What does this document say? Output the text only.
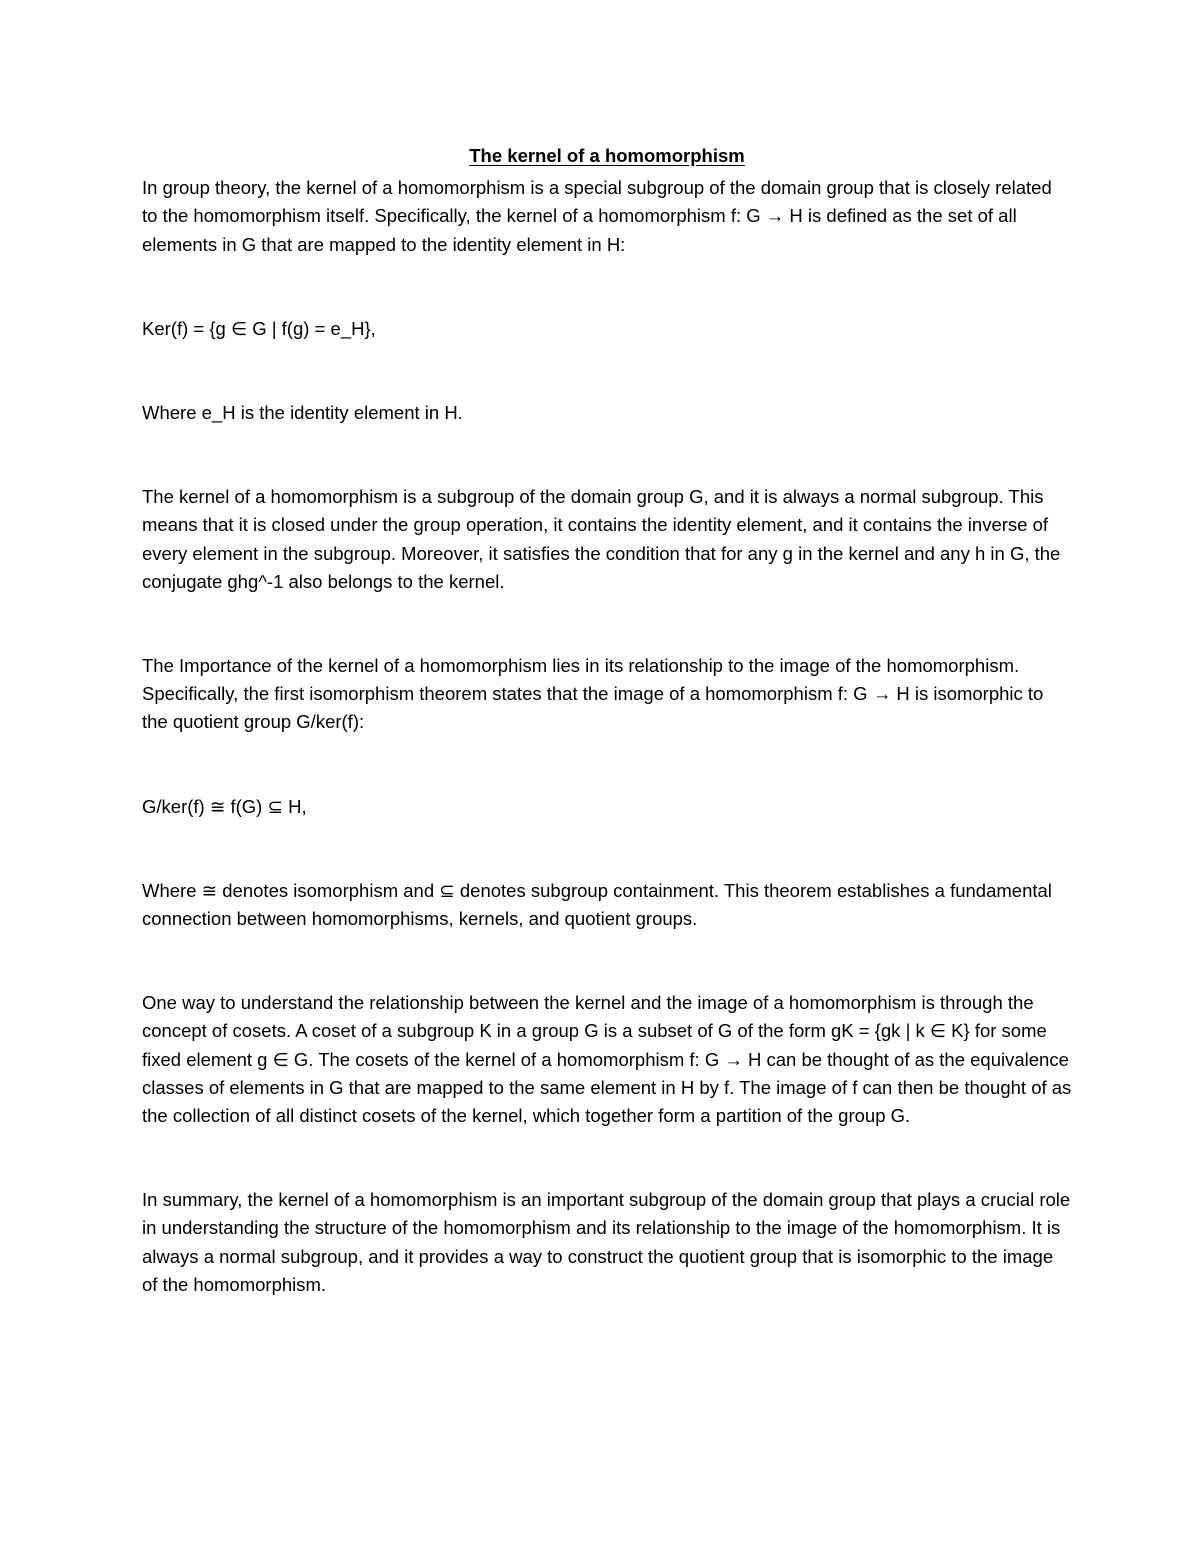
The kernel of a homomorphism

In group theory, the kernel of a homomorphism is a special subgroup of the domain group that is closely related to the homomorphism itself. Specifically, the kernel of a homomorphism f: G → H is defined as the set of all elements in G that are mapped to the identity element in H:

Ker(f) = {g ∈ G | f(g) = e_H},

Where e_H is the identity element in H.

The kernel of a homomorphism is a subgroup of the domain group G, and it is always a normal subgroup. This means that it is closed under the group operation, it contains the identity element, and it contains the inverse of every element in the subgroup. Moreover, it satisfies the condition that for any g in the kernel and any h in G, the conjugate ghg^-1 also belongs to the kernel.

The Importance of the kernel of a homomorphism lies in its relationship to the image of the homomorphism. Specifically, the first isomorphism theorem states that the image of a homomorphism f: G → H is isomorphic to the quotient group G/ker(f):

G/ker(f) ≅ f(G) ⊆ H,

Where ≅ denotes isomorphism and ⊆ denotes subgroup containment. This theorem establishes a fundamental connection between homomorphisms, kernels, and quotient groups.

One way to understand the relationship between the kernel and the image of a homomorphism is through the concept of cosets. A coset of a subgroup K in a group G is a subset of G of the form gK = {gk | k ∈ K} for some fixed element g ∈ G. The cosets of the kernel of a homomorphism f: G → H can be thought of as the equivalence classes of elements in G that are mapped to the same element in H by f. The image of f can then be thought of as the collection of all distinct cosets of the kernel, which together form a partition of the group G.

In summary, the kernel of a homomorphism is an important subgroup of the domain group that plays a crucial role in understanding the structure of the homomorphism and its relationship to the image of the homomorphism. It is always a normal subgroup, and it provides a way to construct the quotient group that is isomorphic to the image of the homomorphism.
